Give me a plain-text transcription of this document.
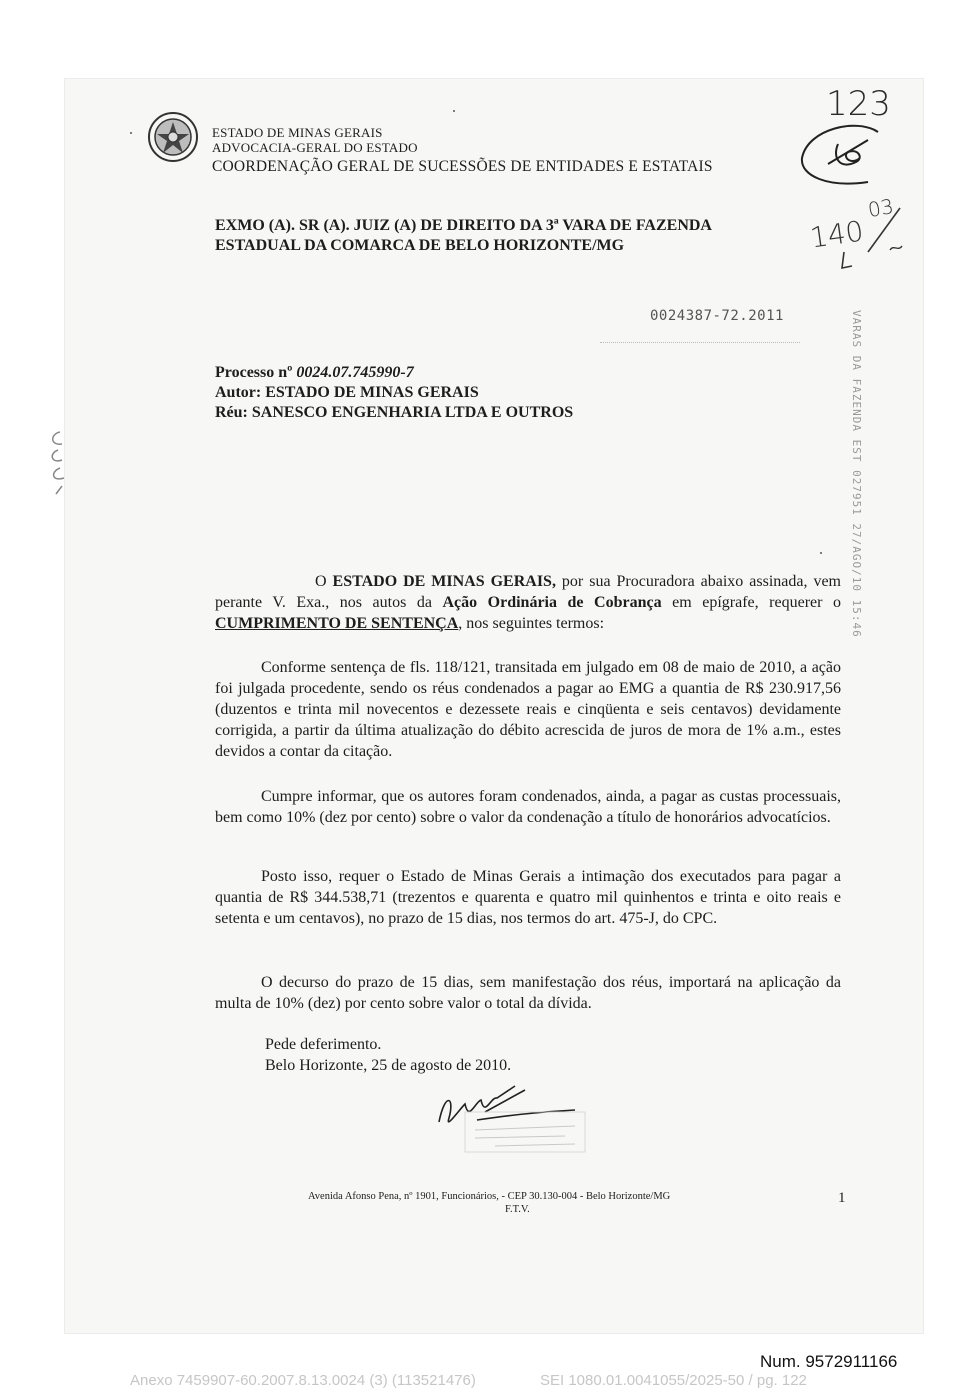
ESTADO DE MINAS GERAIS
ADVOCACIA-GERAL DO ESTADO
COORDENAÇÃO GERAL DE SUCESSÕES DE ENTIDADES E ESTATAIS
123
140
03
EXMO (A). SR (A). JUIZ (A) DE DIREITO DA 3ª VARA DE FAZENDA
ESTADUAL DA COMARCA DE BELO HORIZONTE/MG
0024387-72.2011	VARAS DA FAZENDA EST 027951 27/AGO/10 15:46
Processo nº 0024.07.745990-7
Autor: ESTADO DE MINAS GERAIS
Réu: SANESCO ENGENHARIA LTDA E OUTROS
O ESTADO DE MINAS GERAIS, por sua Procuradora abaixo assinada, vem perante V. Exa., nos autos da Ação Ordinária de Cobrança em epígrafe, requerer o CUMPRIMENTO DE SENTENÇA, nos seguintes termos:
Conforme sentença de fls. 118/121, transitada em julgado em 08 de maio de 2010, a ação foi julgada procedente, sendo os réus condenados a pagar ao EMG a quantia de R$ 230.917,56 (duzentos e trinta mil novecentos e dezessete reais e cinqüenta e seis centavos) devidamente corrigida, a partir da última atualização do débito acrescida de juros de mora de 1% a.m., estes devidos a contar da citação.
Cumpre informar, que os autores foram condenados, ainda, a pagar as custas processuais, bem como 10% (dez por cento) sobre o valor da condenação a título de honorários advocatícios.
Posto isso, requer o Estado de Minas Gerais a intimação dos executados para pagar a quantia de R$ 344.538,71 (trezentos e quarenta e quatro mil quinhentos e trinta e oito reais e setenta e um centavos), no prazo de 15 dias, nos termos do art. 475-J, do CPC.
O decurso do prazo de 15 dias, sem manifestação dos réus, importará na aplicação da multa de 10% (dez) por cento sobre valor o total da dívida.
Pede deferimento.
Belo Horizonte, 25 de agosto de 2010.
Avenida Afonso Pena, nº 1901, Funcionários, - CEP 30.130-004 - Belo Horizonte/MG
F.T.V.
1
Num. 9572911166
Anexo 7459907-60.2007.8.13.0024 (3) (113521476)	SEI 1080.01.0041055/2025-50 / pg. 122
